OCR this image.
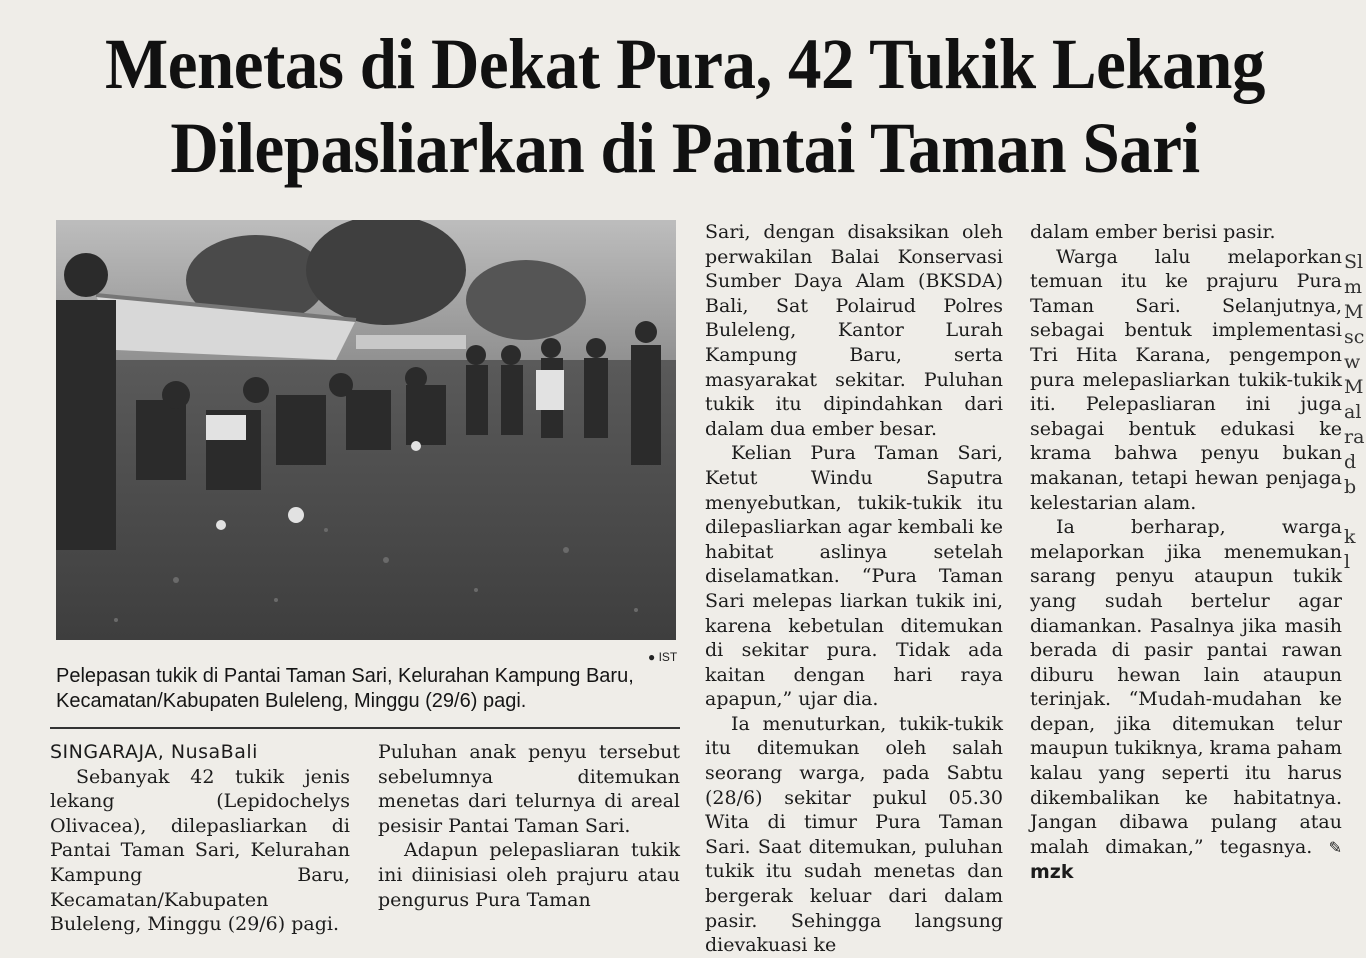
Menetas di Dekat Pura, 42 Tukik Lekang
Dilepasliarkan di Pantai Taman Sari
● IST
Pelepasan tukik di Pantai Taman Sari, Kelurahan Kampung Baru, Kecamatan/Kabupaten Buleleng, Minggu (29/6) pagi.

SINGARAJA, NusaBali

Sebanyak 42 tukik jenis lekang (Lepidochelys Olivacea), dilepasliarkan di Pantai Taman Sari, Kelurahan Kampung Baru, Kecamatan/Kabupaten Buleleng, Minggu (29/6) pagi.

Puluhan anak penyu tersebut sebelumnya ditemukan menetas dari telurnya di areal pesisir Pantai Taman Sari.

Adapun pelepasliaran tukik ini diinisiasi oleh prajuru atau pengurus Pura Taman

Sari, dengan disaksikan oleh perwakilan Balai Konservasi Sumber Daya Alam (BKSDA) Bali, Sat Polairud Polres Buleleng, Kantor Lurah Kampung Baru, serta masyarakat sekitar. Puluhan tukik itu dipindahkan dari dalam dua ember besar.

Kelian Pura Taman Sari, Ketut Windu Saputra menyebutkan, tukik-tukik itu dilepasliarkan agar kembali ke habitat aslinya setelah diselamatkan. “Pura Taman Sari melepas liarkan tukik ini, karena kebetulan ditemukan di sekitar pura. Tidak ada kaitan dengan hari raya apapun,” ujar dia.

Ia menuturkan, tukik-tukik itu ditemukan oleh salah seorang warga, pada Sabtu (28/6) sekitar pukul 05.30 Wita di timur Pura Taman Sari. Saat ditemukan, puluhan tukik itu sudah menetas dan bergerak keluar dari dalam pasir. Sehingga langsung dievakuasi ke

dalam ember berisi pasir.

Warga lalu melaporkan temuan itu ke prajuru Pura Taman Sari. Selanjutnya, sebagai bentuk implementasi Tri Hita Karana, pengempon pura melepasliarkan tukik-tukik iti. Pelepasliaran ini juga sebagai bentuk edukasi ke krama bahwa penyu bukan makanan, tetapi hewan penjaga kelestarian alam.

Ia berharap, warga melaporkan jika menemukan sarang penyu ataupun tukik yang sudah bertelur agar diamankan. Pasalnya jika masih berada di pasir pantai rawan diburu hewan lain ataupun terinjak. “Mudah-mudahan ke depan, jika ditemukan telur maupun tukiknya, krama paham kalau yang seperti itu harus dikembalikan ke habitatnya. Jangan dibawa pulang atau malah dimakan,” tegasnya. ✎ mzk

Sl
m
M
sc
w
M
al
ra
d
b

k
l
